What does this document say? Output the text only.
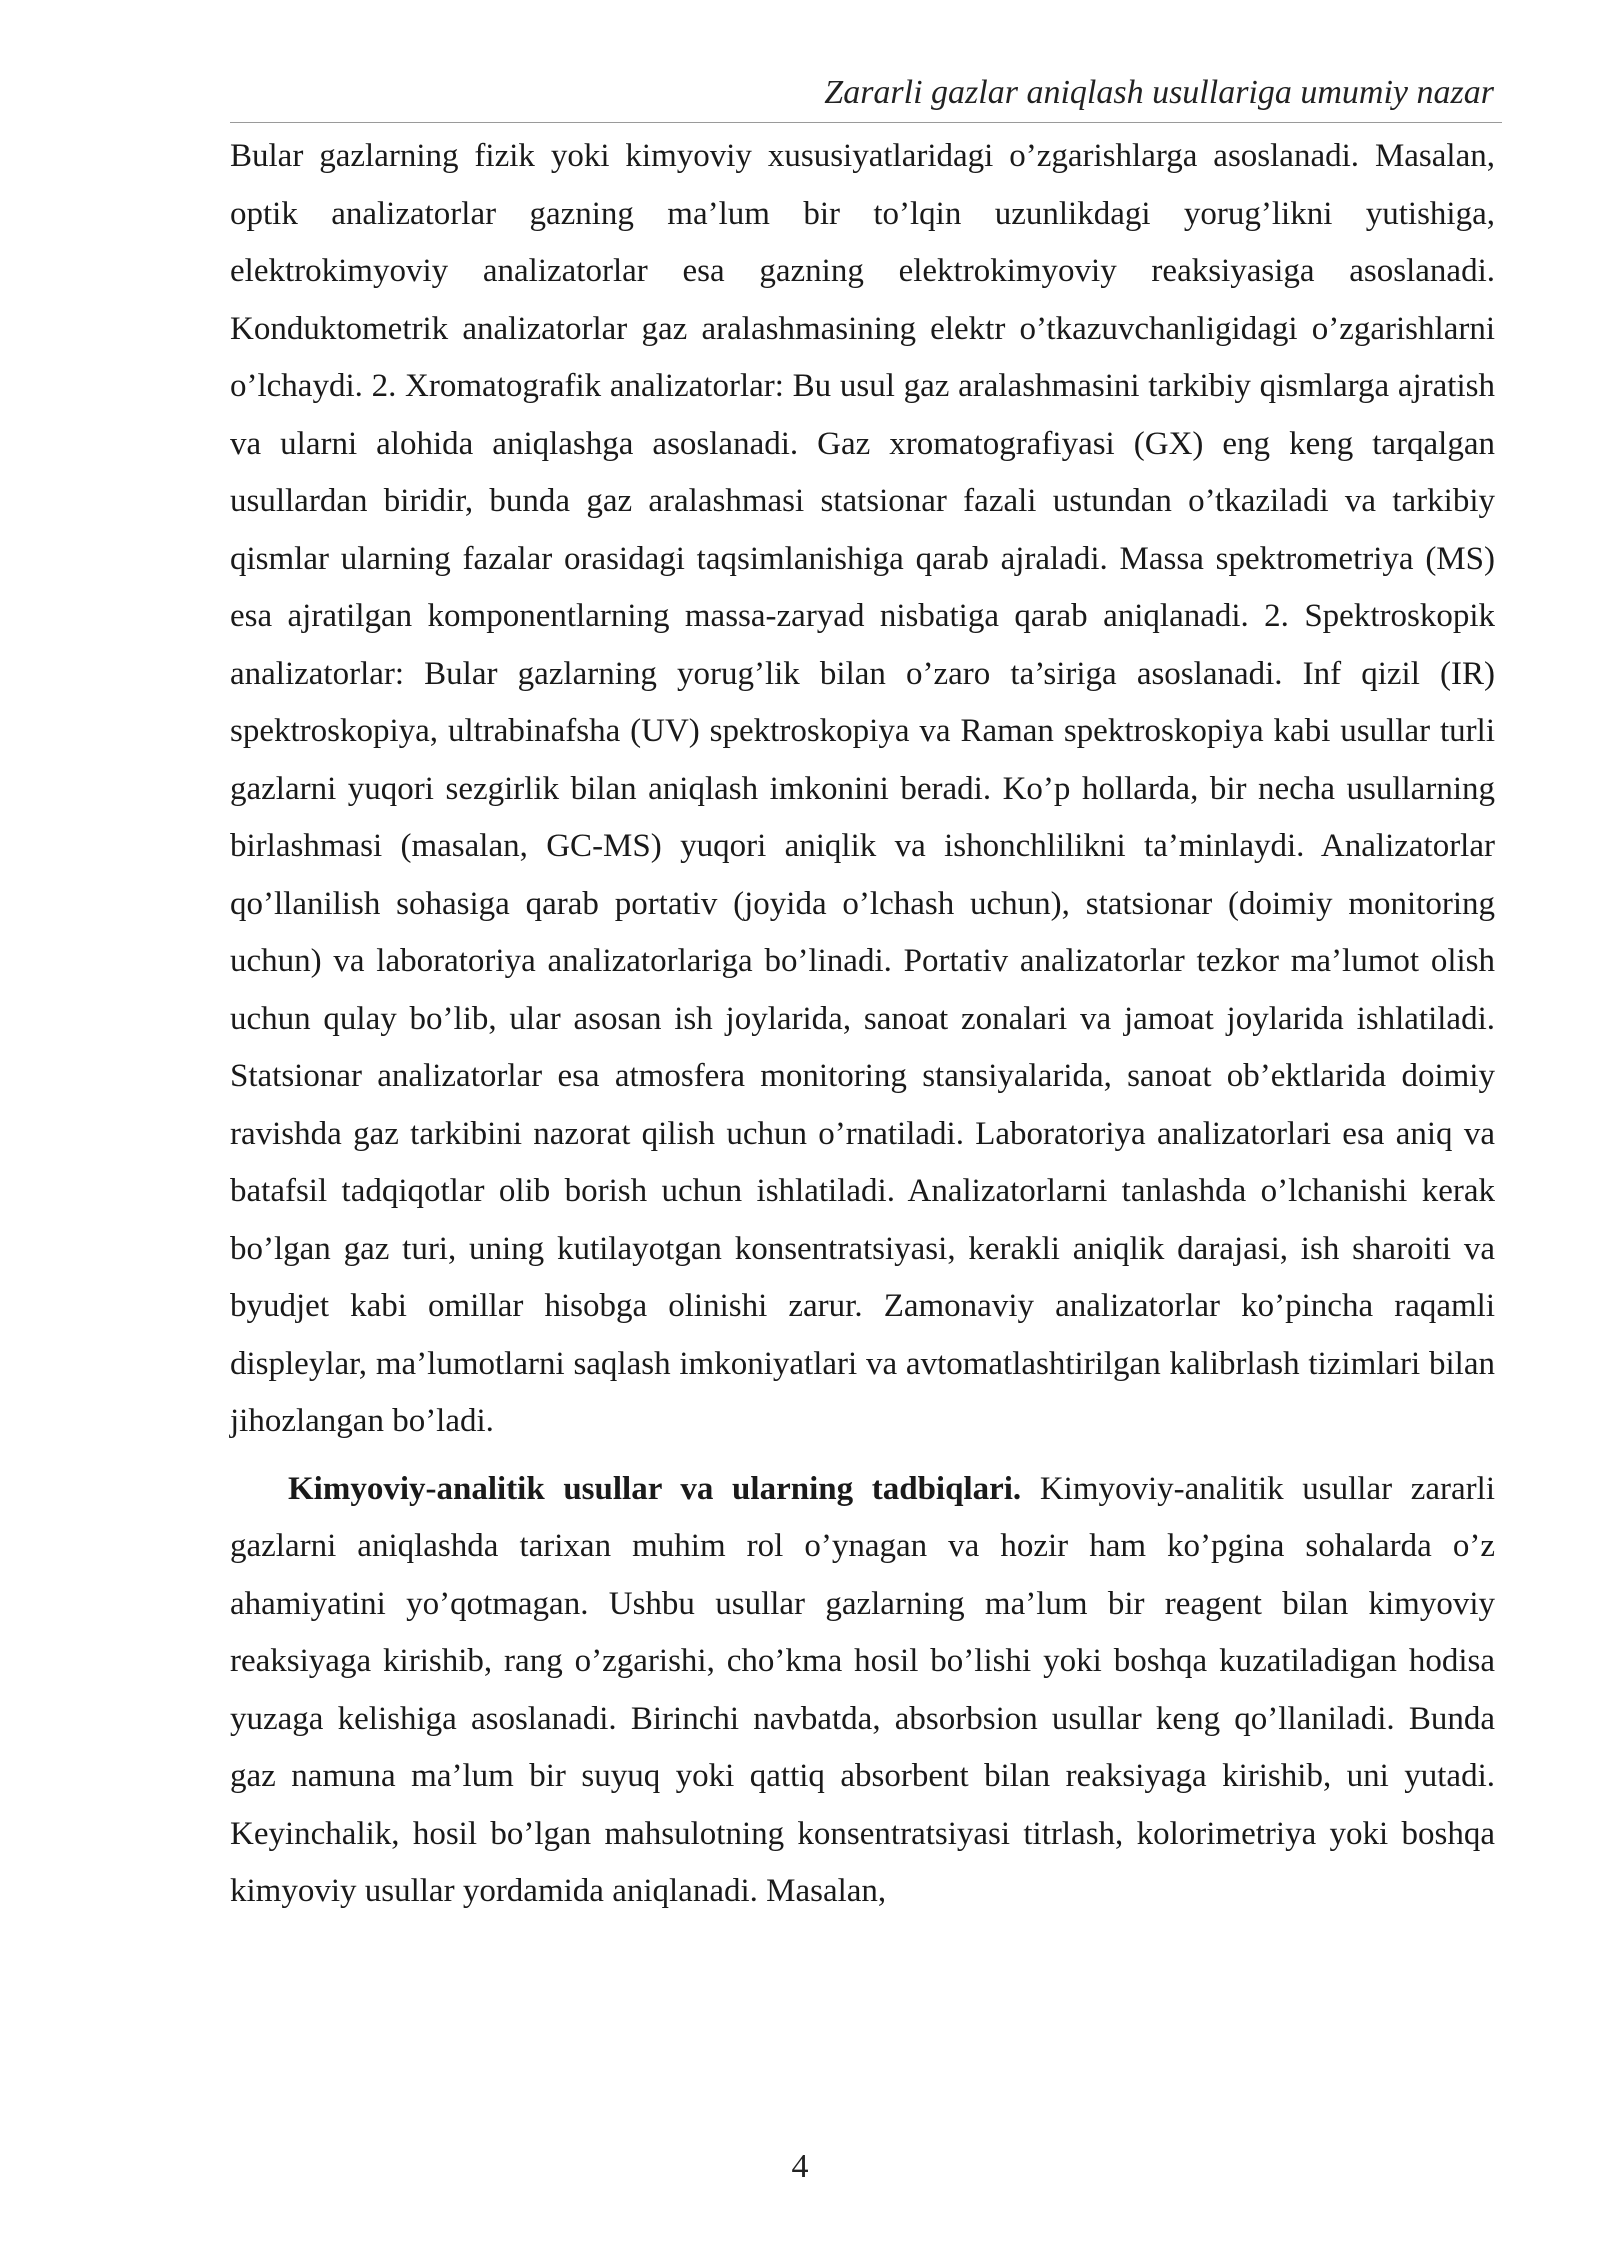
Zararli gazlar aniqlash usullariga umumiy nazar

Bular gazlarning fizik yoki kimyoviy xususiyatlaridagi o’zgarishlarga asoslanadi. Masalan, optik analizatorlar gazning ma’lum bir to’lqin uzunlikdagi yorug’likni yutishiga, elektrokimyoviy analizatorlar esa gazning elektrokimyoviy reaksiyasiga asoslanadi. Konduktometrik analizatorlar gaz aralashmasining elektr o’tkazuvchanligidagi o’zgarishlarni o’lchaydi. 2. Xromatografik analizatorlar: Bu usul gaz aralashmasini tarkibiy qismlarga ajratish va ularni alohida aniqlashga asoslanadi. Gaz xromatografiyasi (GX) eng keng tarqalgan usullardan biridir, bunda gaz aralashmasi statsionar fazali ustundan o’tkaziladi va tarkibiy qismlar ularning fazalar orasidagi taqsimlanishiga qarab ajraladi. Massa spektrometriya (MS) esa ajratilgan komponentlarning massa-zaryad nisbatiga qarab aniqlanadi. 2. Spektroskopik analizatorlar: Bular gazlarning yorug’lik bilan o’zaro ta’siriga asoslanadi. Inf qizil (IR) spektroskopiya, ultrabinafsha (UV) spektroskopiya va Raman spektroskopiya kabi usullar turli gazlarni yuqori sezgirlik bilan aniqlash imkonini beradi. Ko’p hollarda, bir necha usullarning birlashmasi (masalan, GC-MS) yuqori aniqlik va ishonchlilikni ta’minlaydi. Analizatorlar qo’llanilish sohasiga qarab portativ (joyida o’lchash uchun), statsionar (doimiy monitoring uchun) va laboratoriya analizatorlariga bo’linadi. Portativ analizatorlar tezkor ma’lumot olish uchun qulay bo’lib, ular asosan ish joylarida, sanoat zonalari va jamoat joylarida ishlatiladi. Statsionar analizatorlar esa atmosfera monitoring stansiyalarida, sanoat ob’ektlarida doimiy ravishda gaz tarkibini nazorat qilish uchun o’rnatiladi. Laboratoriya analizatorlari esa aniq va batafsil tadqiqotlar olib borish uchun ishlatiladi. Analizatorlarni tanlashda o’lchanishi kerak bo’lgan gaz turi, uning kutilayotgan konsentratsiyasi, kerakli aniqlik darajasi, ish sharoiti va byudjet kabi omillar hisobga olinishi zarur. Zamonaviy analizatorlar ko’pincha raqamli displeylar, ma’lumotlarni saqlash imkoniyatlari va avtomatlashtirilgan kalibrlash tizimlari bilan jihozlangan bo’ladi.

Kimyoviy-analitik usullar va ularning tadbiqlari. Kimyoviy-analitik usullar zararli gazlarni aniqlashda tarixan muhim rol o’ynagan va hozir ham ko’pgina sohalarda o’z ahamiyatini yo’qotmagan. Ushbu usullar gazlarning ma’lum bir reagent bilan kimyoviy reaksiyaga kirishib, rang o’zgarishi, cho’kma hosil bo’lishi yoki boshqa kuzatiladigan hodisa yuzaga kelishiga asoslanadi. Birinchi navbatda, absorbsion usullar keng qo’llaniladi. Bunda gaz namuna ma’lum bir suyuq yoki qattiq absorbent bilan reaksiyaga kirishib, uni yutadi. Keyinchalik, hosil bo’lgan mahsulotning konsentratsiyasi titrlash, kolorimetriya yoki boshqa kimyoviy usullar yordamida aniqlanadi. Masalan,

4
